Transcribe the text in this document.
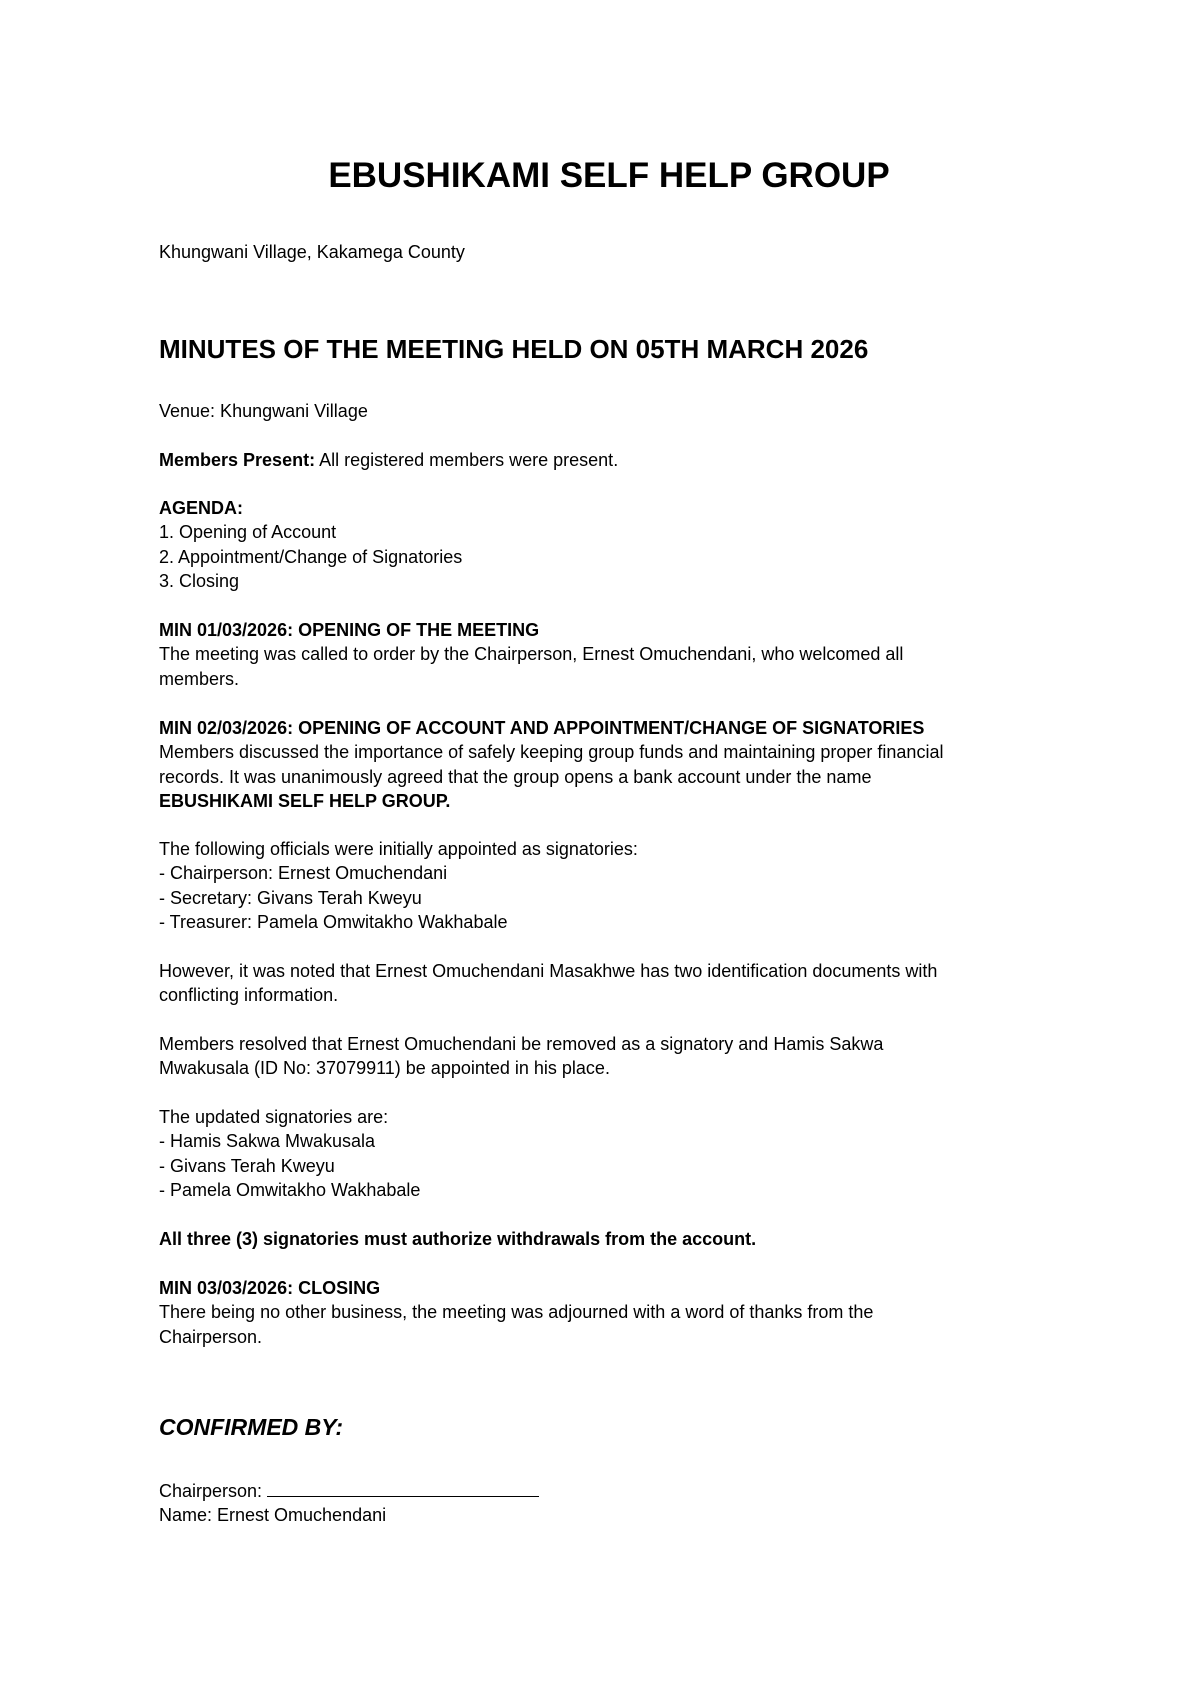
EBUSHIKAMI SELF HELP GROUP

Khungwani Village, Kakamega County

MINUTES OF THE MEETING HELD ON 05TH MARCH 2026

Venue: Khungwani Village

Members Present: All registered members were present.

AGENDA:
1. Opening of Account
2. Appointment/Change of Signatories
3. Closing
MIN 01/03/2026: OPENING OF THE MEETING
The meeting was called to order by the Chairperson, Ernest Omuchendani, who welcomed all
members.
MIN 02/03/2026: OPENING OF ACCOUNT AND APPOINTMENT/CHANGE OF SIGNATORIES
Members discussed the importance of safely keeping group funds and maintaining proper financial
records. It was unanimously agreed that the group opens a bank account under the name
EBUSHIKAMI SELF HELP GROUP.
The following officials were initially appointed as signatories:
- Chairperson: Ernest Omuchendani
- Secretary: Givans Terah Kweyu
- Treasurer: Pamela Omwitakho Wakhabale
However, it was noted that Ernest Omuchendani Masakhwe has two identification documents with
conflicting information.
Members resolved that Ernest Omuchendani be removed as a signatory and Hamis Sakwa
Mwakusala (ID No: 37079911) be appointed in his place.
The updated signatories are:
- Hamis Sakwa Mwakusala
- Givans Terah Kweyu
- Pamela Omwitakho Wakhabale

All three (3) signatories must authorize withdrawals from the account.

MIN 03/03/2026: CLOSING
There being no other business, the meeting was adjourned with a word of thanks from the
Chairperson.
CONFIRMED BY:
Chairperson:
Name: Ernest Omuchendani
